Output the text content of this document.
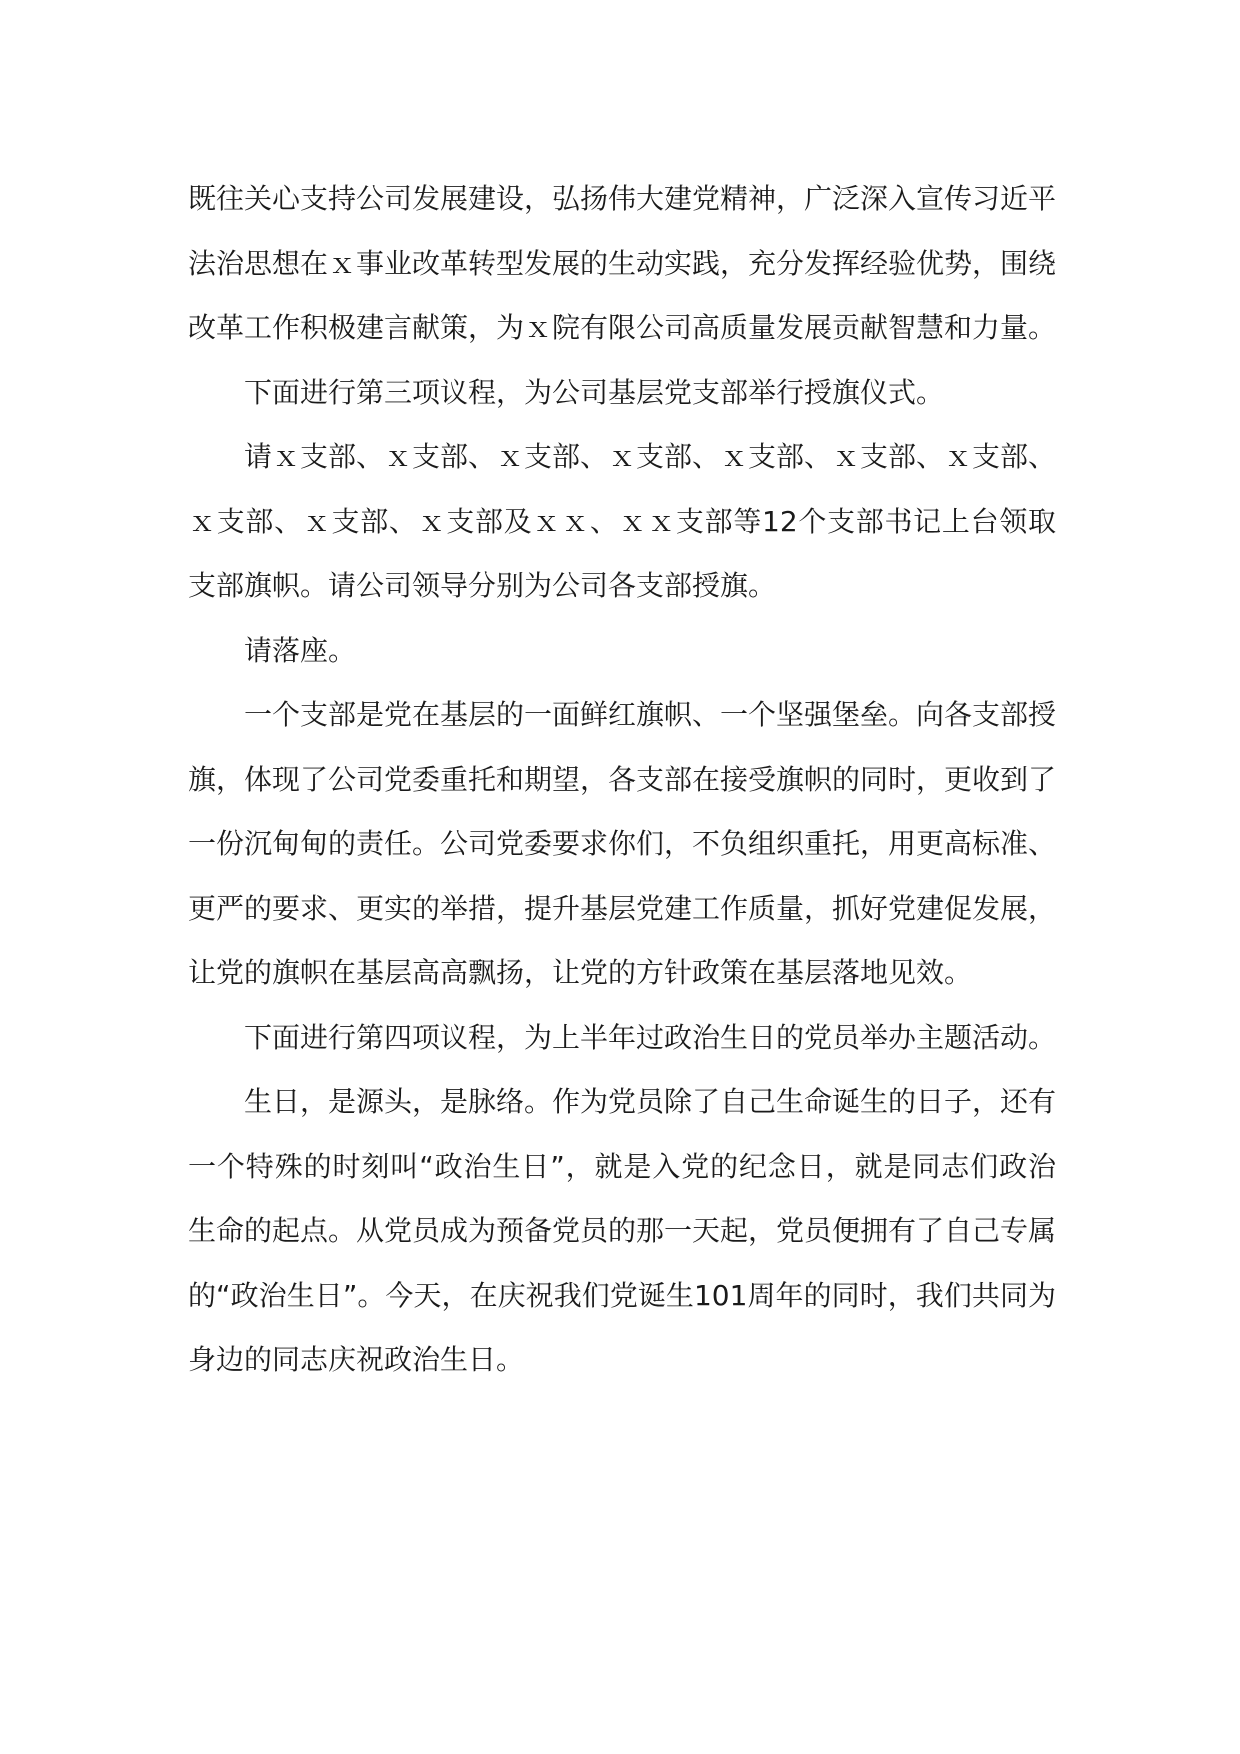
既往关心支持公司发展建设，弘扬伟大建党精神，广泛深入宣传习近平法治思想在ｘ事业改革转型发展的生动实践，充分发挥经验优势，围绕改革工作积极建言献策，为ｘ院有限公司高质量发展贡献智慧和力量。

下面进行第三项议程，为公司基层党支部举行授旗仪式。

请ｘ支部、ｘ支部、ｘ支部、ｘ支部、ｘ支部、ｘ支部、ｘ支部、ｘ支部、ｘ支部、ｘ支部及ｘｘ、ｘｘ支部等12个支部书记上台领取支部旗帜。请公司领导分别为公司各支部授旗。

请落座。

一个支部是党在基层的一面鲜红旗帜、一个坚强堡垒。向各支部授旗，体现了公司党委重托和期望，各支部在接受旗帜的同时，更收到了一份沉甸甸的责任。公司党委要求你们，不负组织重托，用更高标准、更严的要求、更实的举措，提升基层党建工作质量，抓好党建促发展，让党的旗帜在基层高高飘扬，让党的方针政策在基层落地见效。

下面进行第四项议程，为上半年过政治生日的党员举办主题活动。

生日，是源头，是脉络。作为党员除了自己生命诞生的日子，还有一个特殊的时刻叫“政治生日”，就是入党的纪念日，就是同志们政治生命的起点。从党员成为预备党员的那一天起，党员便拥有了自己专属的“政治生日”。今天，在庆祝我们党诞生101周年的同时，我们共同为身边的同志庆祝政治生日。
